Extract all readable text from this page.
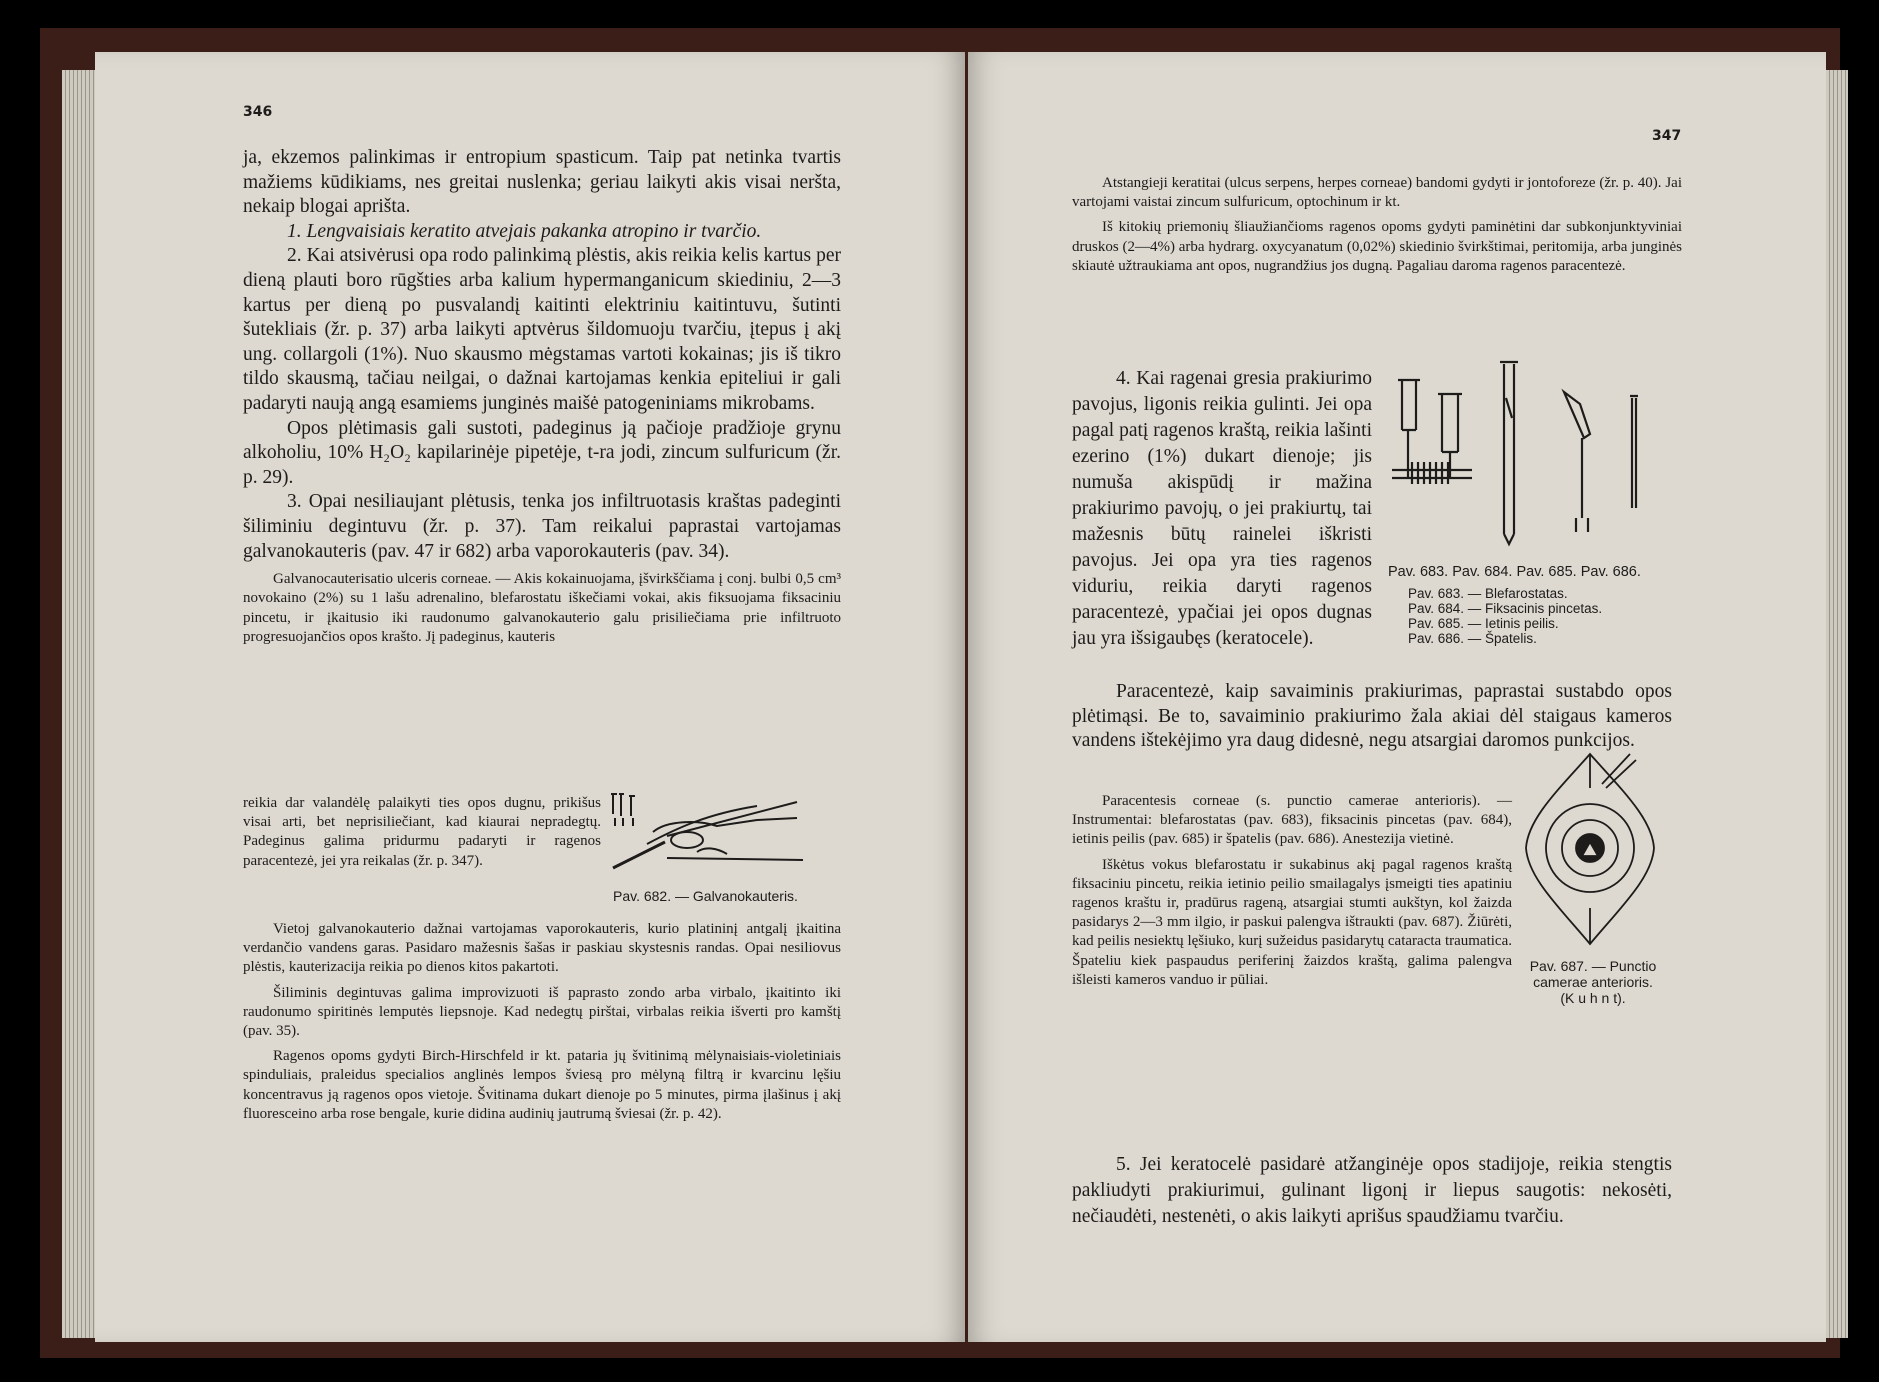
346

ja, ekzemos palinkimas ir entropium spasticum. Taip pat netinka tvartis mažiems kūdikiams, nes greitai nuslenka; geriau laikyti akis visai neršta, nekaip blogai aprišta.

1. Lengvaisiais keratito atvejais pakanka atropino ir tvarčio.

2. Kai atsivėrusi opa rodo palinkimą plėstis, akis reikia kelis kartus per dieną plauti boro rūgšties arba kalium hypermanganicum skiediniu, 2—3 kartus per dieną po pusvalandį kaitinti elektriniu kaitintuvu, šutinti šutekliais (žr. p. 37) arba laikyti aptvėrus šildomuoju tvarčiu, įtepus į akį ung. collargoli (1%). Nuo skausmo mėgstamas vartoti kokainas; jis iš tikro tildo skausmą, tačiau neilgai, o dažnai kartojamas kenkia epiteliui ir gali padaryti naują angą esamiems junginės maišė patogeniniams mikrobams.

Opos plėtimasis gali sustoti, padeginus ją pačioje pradžioje grynu alkoholiu, 10% H₂O₂ kapilarinėje pipetėje, t-ra jodi, zincum sulfuricum (žr. p. 29).

3. Opai nesiliaujant plėtusis, tenka jos infiltruotasis kraštas padeginti šiliminiu degintuvu (žr. p. 37). Tam reikalui paprastai vartojamas galvanokauteris (pav. 47 ir 682) arba vaporokauteris (pav. 34).

Galvanocauterisatio ulceris corneae. — Akis kokainuojama, įšvirkščiama į conj. bulbi 0,5 cm³ novokaino (2%) su 1 lašu adrenalino, blefarostatu iškečiami vokai, akis fiksuojama fiksaciniu pincetu, ir įkaitusio iki raudonumo galvanokauterio galu prisiliečiama prie infiltruoto progresuojančios opos krašto. Jį padeginus, kauteris

reikia dar valandėlę palaikyti ties opos dugnu, prikišus visai arti, bet neprisiliečiant, kad kiaurai nepradegtų. Padeginus galima pridurmu padaryti ir ragenos paracentezė, jei yra reikalas (žr. p. 347).

Pav. 682. — Galvanokauteris.

Vietoj galvanokauterio dažnai vartojamas vaporokauteris, kurio platininį antgalį įkaitina verdančio vandens garas. Pasidaro mažesnis šašas ir paskiau skystesnis randas. Opai nesiliovus plėstis, kauterizacija reikia po dienos kitos pakartoti.

Šiliminis degintuvas galima improvizuoti iš paprasto zondo arba virbalo, įkaitinto iki raudonumo spiritinės lemputės liepsnoje. Kad nedegtų pirštai, virbalas reikia išverti pro kamštį (pav. 35).

Ragenos opoms gydyti Birch-Hirschfeld ir kt. pataria jų švitinimą mėlynaisiais-violetiniais spinduliais, praleidus specialios anglinės lempos šviesą pro mėlyną filtrą ir kvarcinu lęšiu koncentravus ją ragenos opos vietoje. Švitinama dukart dienoje po 5 minutes, pirma įlašinus į akį fluoresceino arba rose bengale, kurie didina audinių jautrumą šviesai (žr. p. 42).

347

Atstangieji keratitai (ulcus serpens, herpes corneae) bandomi gydyti ir jontoforeze (žr. p. 40). Jai vartojami vaistai zincum sulfuricum, optochinum ir kt.

Iš kitokių priemonių šliaužiančioms ragenos opoms gydyti paminėtini dar subkonjunktyviniai druskos (2—4%) arba hydrarg. oxycyanatum (0,02%) skiedinio švirkštimai, peritomija, arba junginės skiautė užtraukiama ant opos, nugrandžius jos dugną. Pagaliau daroma ragenos paracentezė.

4. Kai ragenai gresia prakiurimo pavojus, ligonis reikia gulinti. Jei opa pagal patį ragenos kraštą, reikia lašinti ezerino (1%) dukart dienoje; jis numuša akispūdį ir mažina prakiurimo pavojų, o jei prakiurtų, tai mažesnis būtų rainelei iškristi pavojus. Jei opa yra ties ragenos viduriu, reikia daryti ragenos paracentezė, ypačiai jei opos dugnas jau yra išsigaubęs (keratocele).

Pav. 683. Pav. 684. Pav. 685. Pav. 686.
Pav. 683. — Blefarostatas.
Pav. 684. — Fiksacinis pincetas.
Pav. 685. — Ietinis peilis.
Pav. 686. — Špatelis.

Paracentezė, kaip savaiminis prakiurimas, paprastai sustabdo opos plėtimąsi. Be to, savaiminio prakiurimo žala akiai dėl staigaus kameros vandens ištekėjimo yra daug didesnė, negu atsargiai daromos punkcijos.

Paracentesis corneae (s. punctio camerae anterioris). — Instrumentai: blefarostatas (pav. 683), fiksacinis pincetas (pav. 684), ietinis peilis (pav. 685) ir špatelis (pav. 686). Anestezija vietinė.

Iškėtus vokus blefarostatu ir sukabinus akį pagal ragenos kraštą fiksaciniu pincetu, reikia ietinio peilio smailagalys įsmeigti ties apatiniu ragenos kraštu ir, pradūrus rageną, atsargiai stumti aukštyn, kol žaizda pasidarys 2—3 mm ilgio, ir paskui palengva ištraukti (pav. 687). Žiūrėti, kad peilis nesiektų lęšiuko, kurį sužeidus pasidarytų cataracta traumatica. Špateliu kiek paspaudus periferinį žaizdos kraštą, galima palengva išleisti kameros vanduo ir pūliai.

Pav. 687. — Punctio
camerae anterioris.
(K u h n t).

5. Jei keratocelė pasidarė atžanginėje opos stadijoje, reikia stengtis pakliudyti prakiurimui, gulinant ligonį ir liepus saugotis: nekosėti, nečiaudėti, nestenėti, o akis laikyti aprišus spaudžiamu tvarčiu.
